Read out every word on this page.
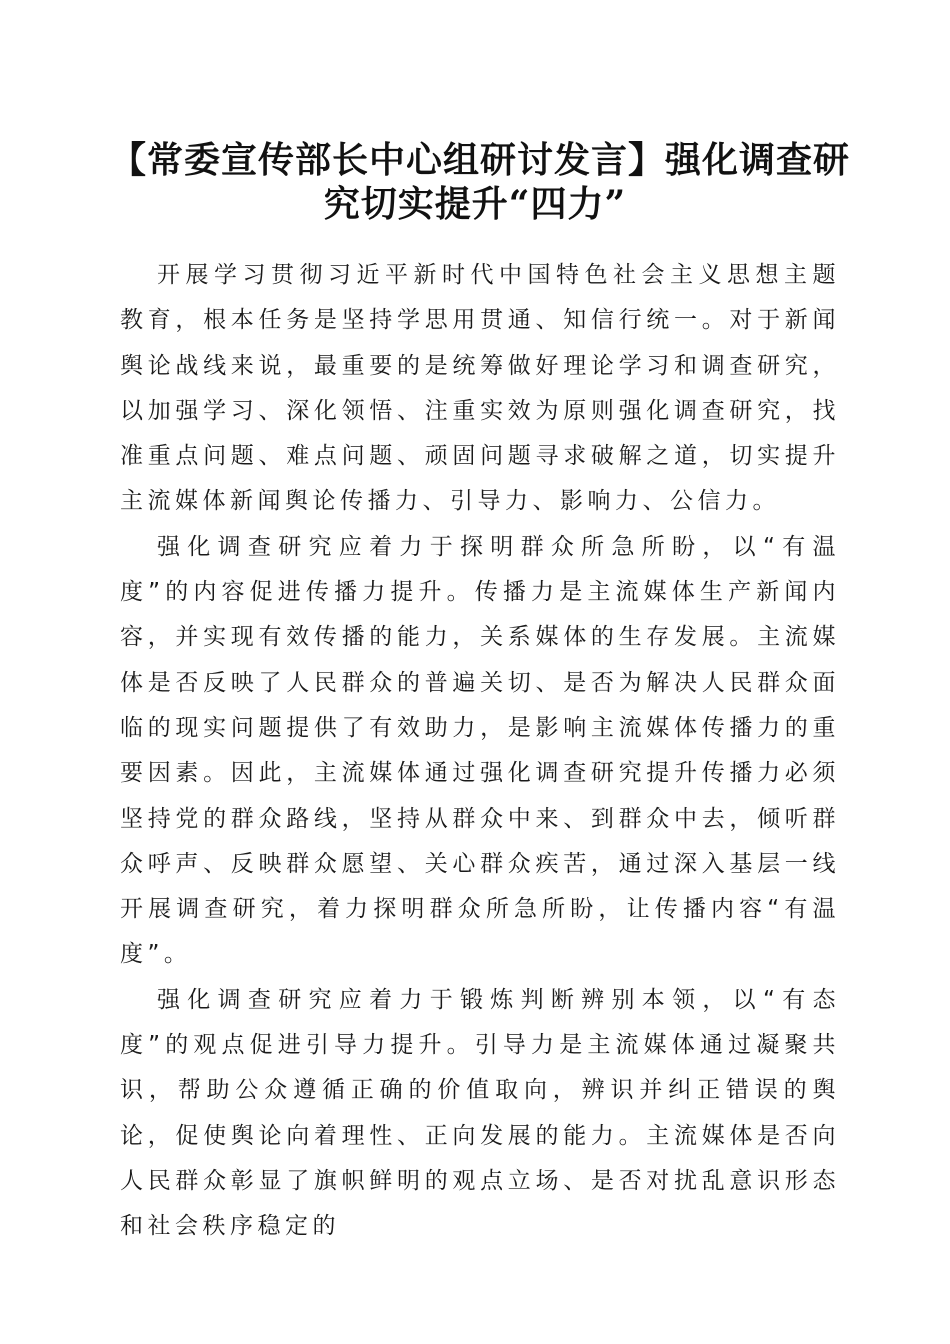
【常委宣传部长中心组研讨发言】强化调查研
究切实提升“四力”

开展学习贯彻习近平新时代中国特色社会主义思想主题教育，根本任务是坚持学思用贯通、知信行统一。对于新闻舆论战线来说，最重要的是统筹做好理论学习和调查研究，以加强学习、深化领悟、注重实效为原则强化调查研究，找准重点问题、难点问题、顽固问题寻求破解之道，切实提升主流媒体新闻舆论传播力、引导力、影响力、公信力。

强化调查研究应着力于探明群众所急所盼，以“有温度”的内容促进传播力提升。传播力是主流媒体生产新闻内容，并实现有效传播的能力，关系媒体的生存发展。主流媒体是否反映了人民群众的普遍关切、是否为解决人民群众面临的现实问题提供了有效助力，是影响主流媒体传播力的重要因素。因此，主流媒体通过强化调查研究提升传播力必须坚持党的群众路线，坚持从群众中来、到群众中去，倾听群众呼声、反映群众愿望、关心群众疾苦，通过深入基层一线开展调查研究，着力探明群众所急所盼，让传播内容“有温度”。

强化调查研究应着力于锻炼判断辨别本领，以“有态度”的观点促进引导力提升。引导力是主流媒体通过凝聚共识，帮助公众遵循正确的价值取向，辨识并纠正错误的舆论，促使舆论向着理性、正向发展的能力。主流媒体是否向人民群众彰显了旗帜鲜明的观点立场、是否对扰乱意识形态和社会秩序稳定的
